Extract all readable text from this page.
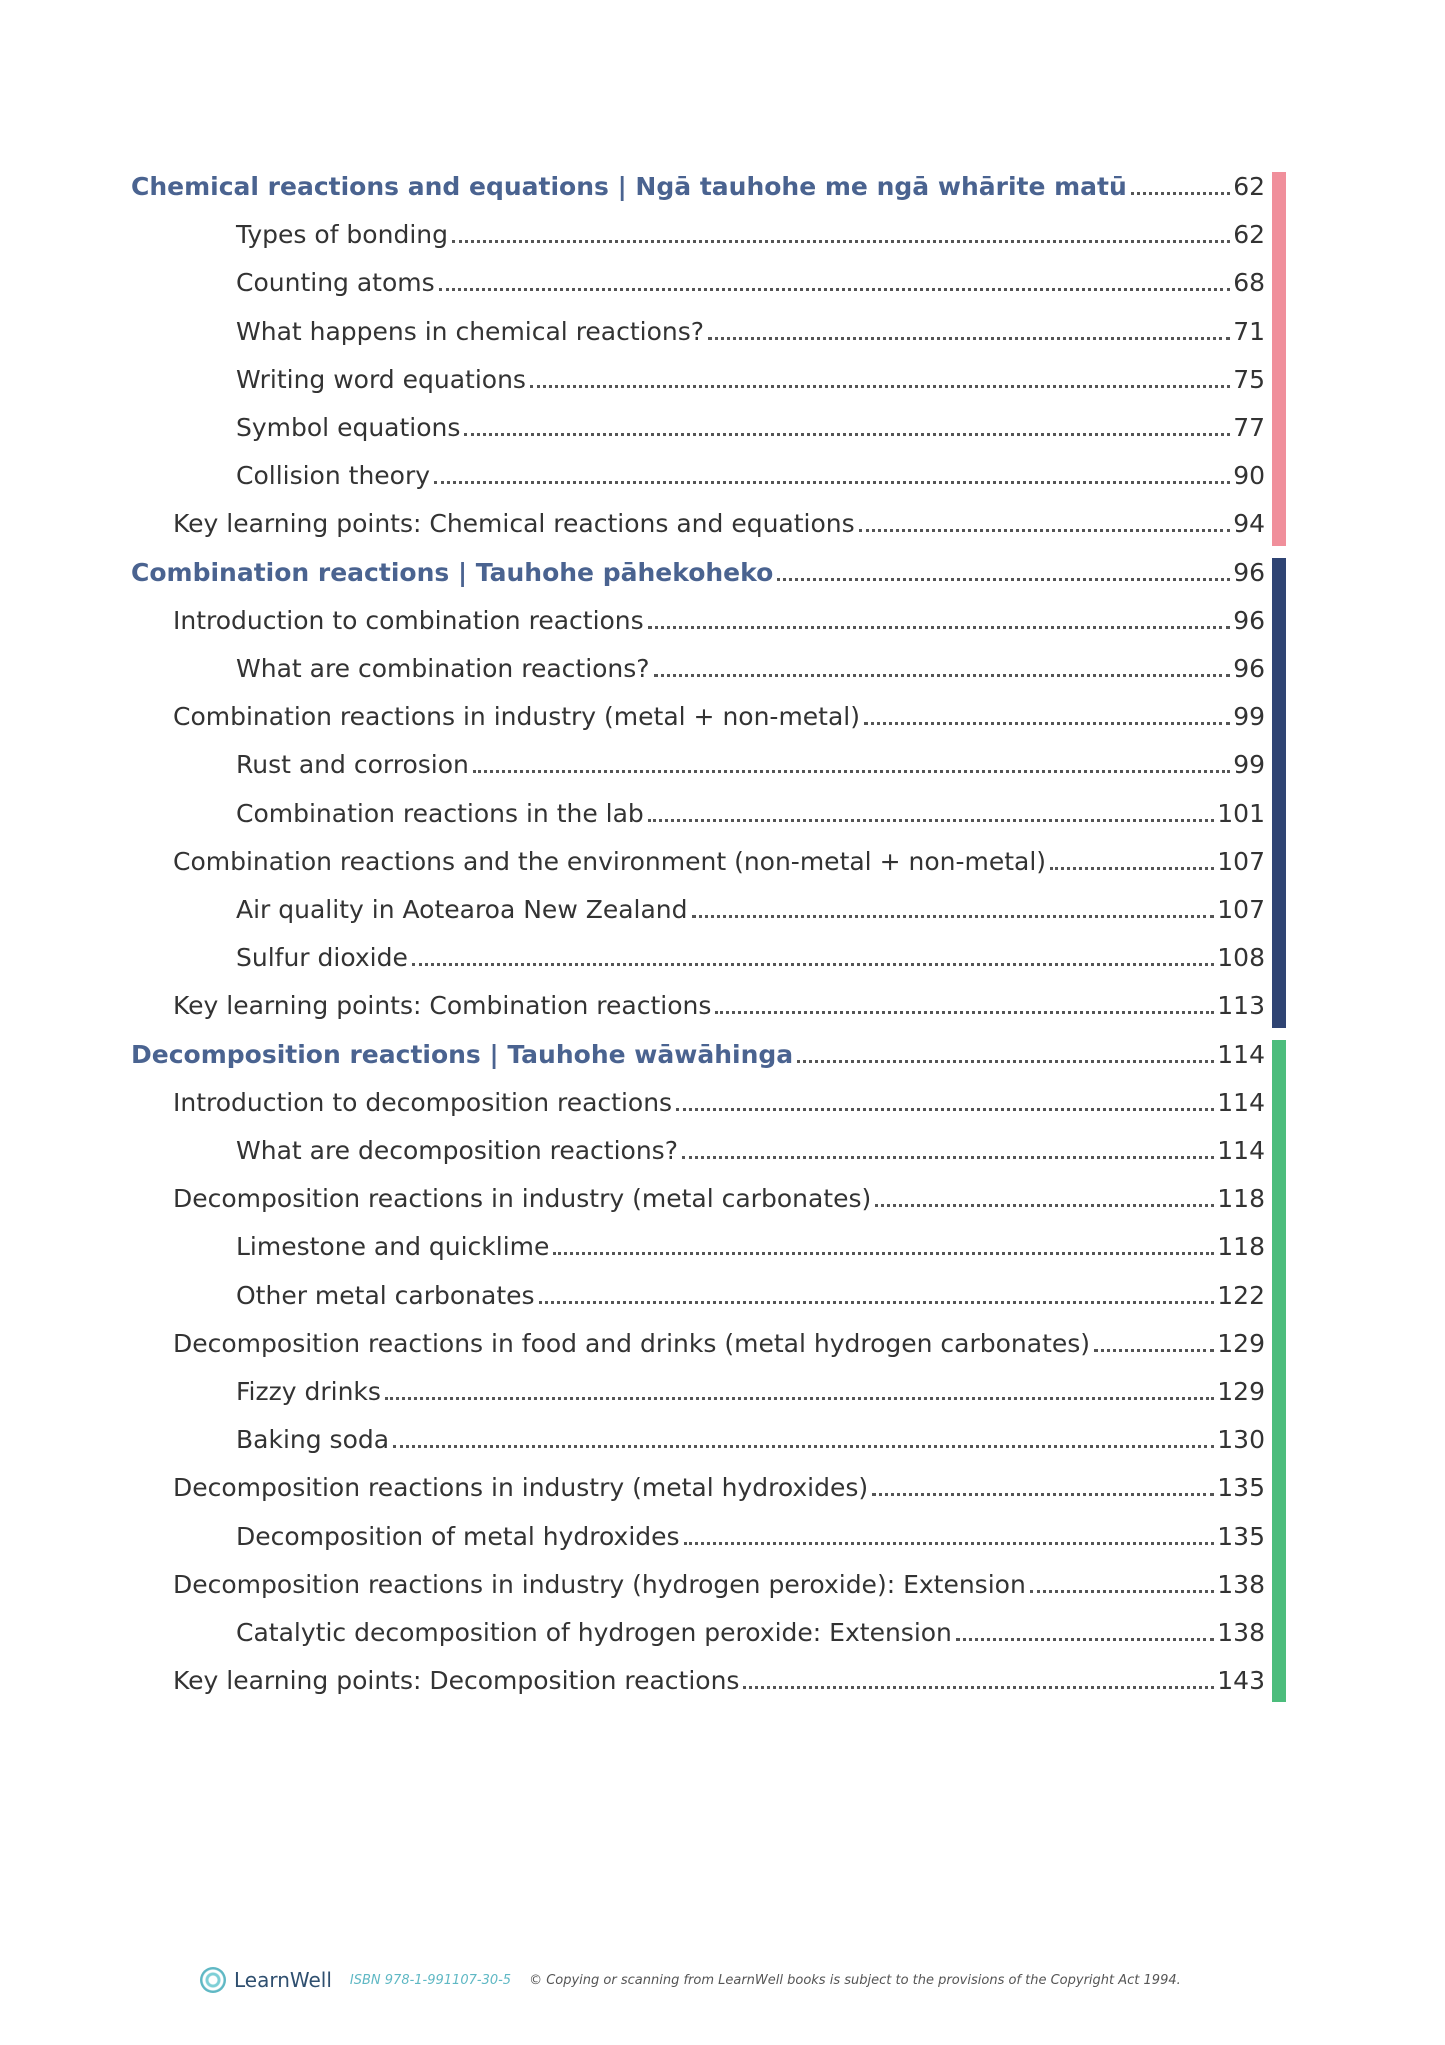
Chemical reactions and equations | Ngā tauhohe me ngā whārite matū	62
Types of bonding	62
Counting atoms	68
What happens in chemical reactions?	71
Writing word equations	75
Symbol equations	77
Collision theory	90
Key learning points: Chemical reactions and equations	94
Combination reactions | Tauhohe pāhekoheko	96
Introduction to combination reactions	96
What are combination reactions?	96
Combination reactions in industry (metal + non-metal)	99
Rust and corrosion	99
Combination reactions in the lab	101
Combination reactions and the environment (non-metal + non-metal)	107
Air quality in Aotearoa New Zealand	107
Sulfur dioxide	108
Key learning points: Combination reactions	113
Decomposition reactions | Tauhohe wāwāhinga	114
Introduction to decomposition reactions	114
What are decomposition reactions?	114
Decomposition reactions in industry (metal carbonates)	118
Limestone and quicklime	118
Other metal carbonates	122
Decomposition reactions in food and drinks (metal hydrogen carbonates)	129
Fizzy drinks	129
Baking soda	130
Decomposition reactions in industry (metal hydroxides)	135
Decomposition of metal hydroxides	135
Decomposition reactions in industry (hydrogen peroxide): Extension	138
Catalytic decomposition of hydrogen peroxide: Extension	138
Key learning points: Decomposition reactions	143
LearnWell ISBN 978-1-991107-30-5 © Copying or scanning from LearnWell books is subject to the provisions of the Copyright Act 1994.
